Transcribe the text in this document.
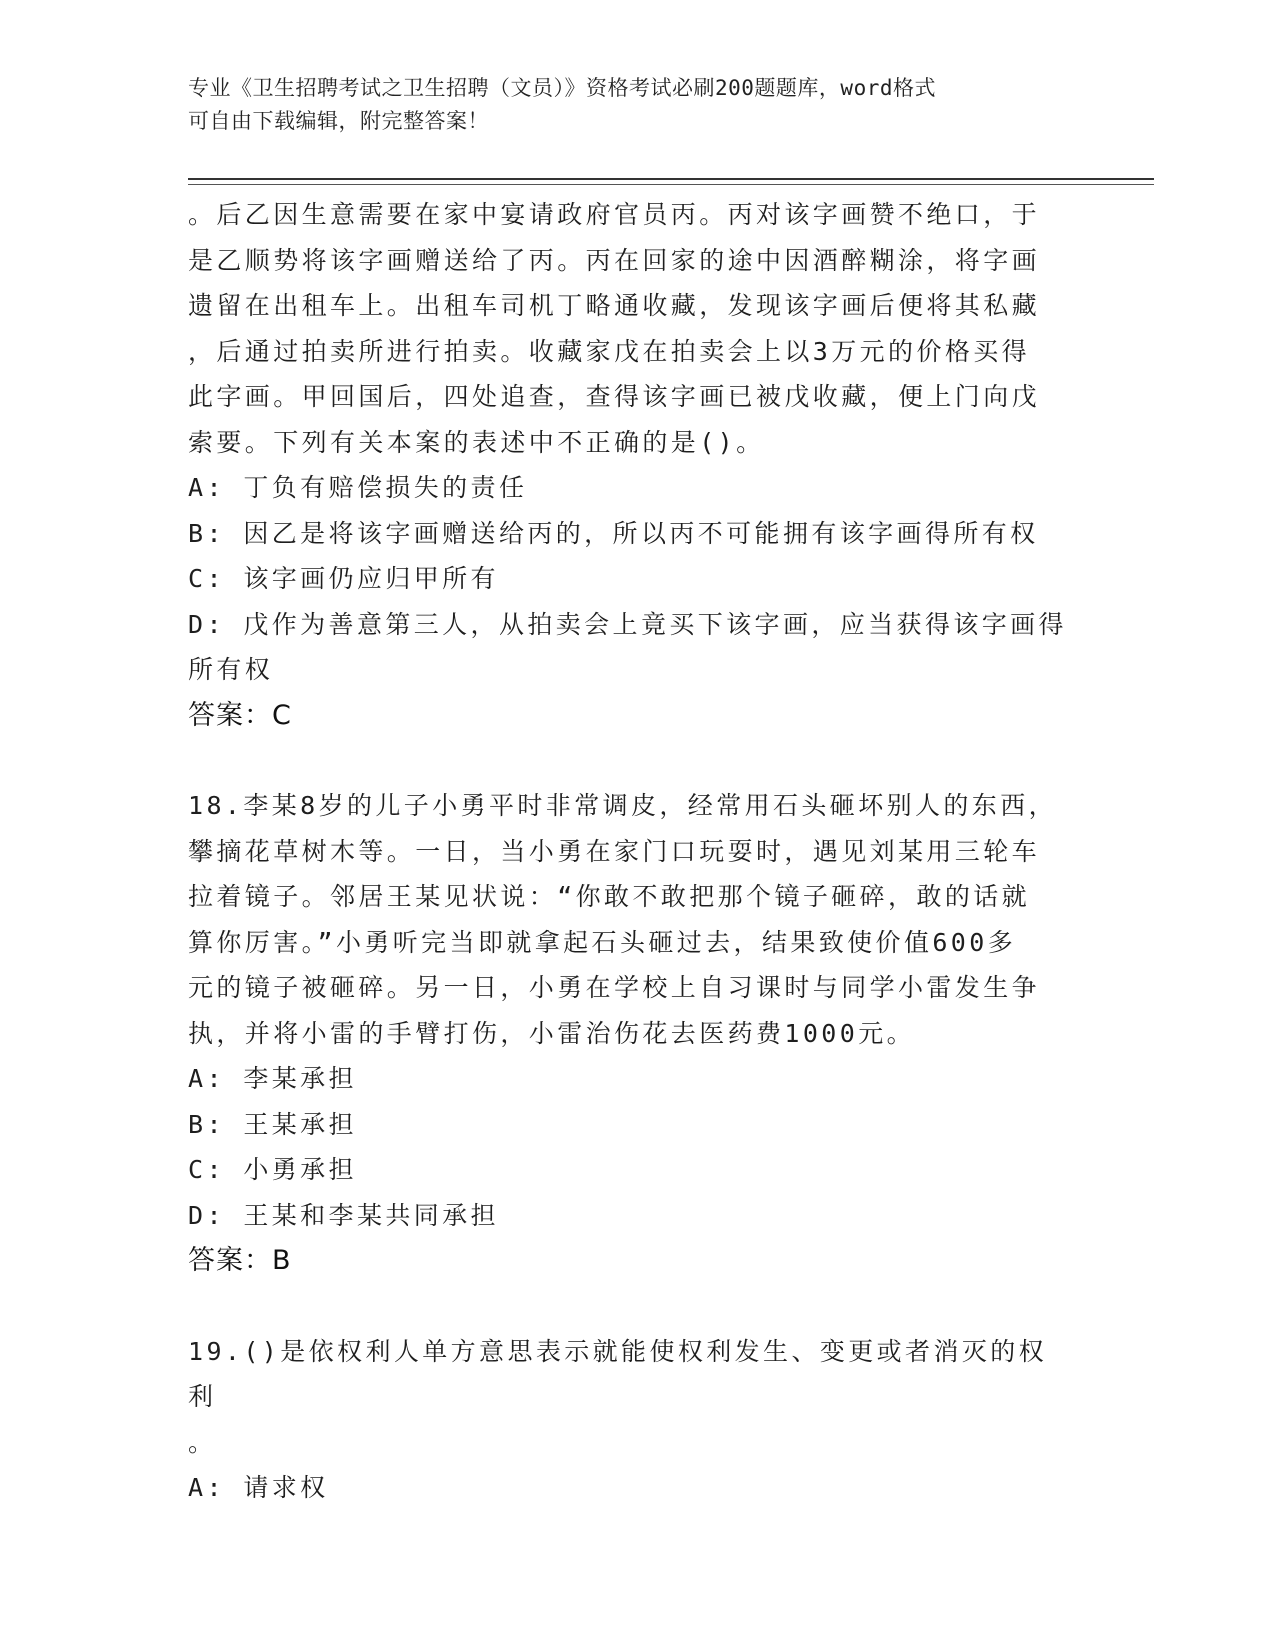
专业《卫生招聘考试之卫生招聘（文员）》资格考试必刷200题题库，word格式
可自由下载编辑，附完整答案！

。后乙因生意需要在家中宴请政府官员丙。丙对该字画赞不绝口，于

是乙顺势将该字画赠送给了丙。丙在回家的途中因酒醉糊涂，将字画

遗留在出租车上。出租车司机丁略通收藏，发现该字画后便将其私藏

，后通过拍卖所进行拍卖。收藏家戊在拍卖会上以3万元的价格买得

此字画。甲回国后，四处追查，查得该字画已被戊收藏，便上门向戊

索要。下列有关本案的表述中不正确的是()。

A: 丁负有赔偿损失的责任

B: 因乙是将该字画赠送给丙的，所以丙不可能拥有该字画得所有权

C: 该字画仍应归甲所有

D: 戊作为善意第三人，从拍卖会上竟买下该字画，应当获得该字画得

所有权

答案：C

18.李某8岁的儿子小勇平时非常调皮，经常用石头砸坏别人的东西，

攀摘花草树木等。一日，当小勇在家门口玩耍时，遇见刘某用三轮车

拉着镜子。邻居王某见状说：“你敢不敢把那个镜子砸碎，敢的话就

算你厉害。”小勇听完当即就拿起石头砸过去，结果致使价值600多

元的镜子被砸碎。另一日，小勇在学校上自习课时与同学小雷发生争

执，并将小雷的手臂打伤，小雷治伤花去医药费1000元。

A: 李某承担

B: 王某承担

C: 小勇承担

D: 王某和李某共同承担

答案：B

19.()是依权利人单方意思表示就能使权利发生、变更或者消灭的权利

。

A: 请求权
